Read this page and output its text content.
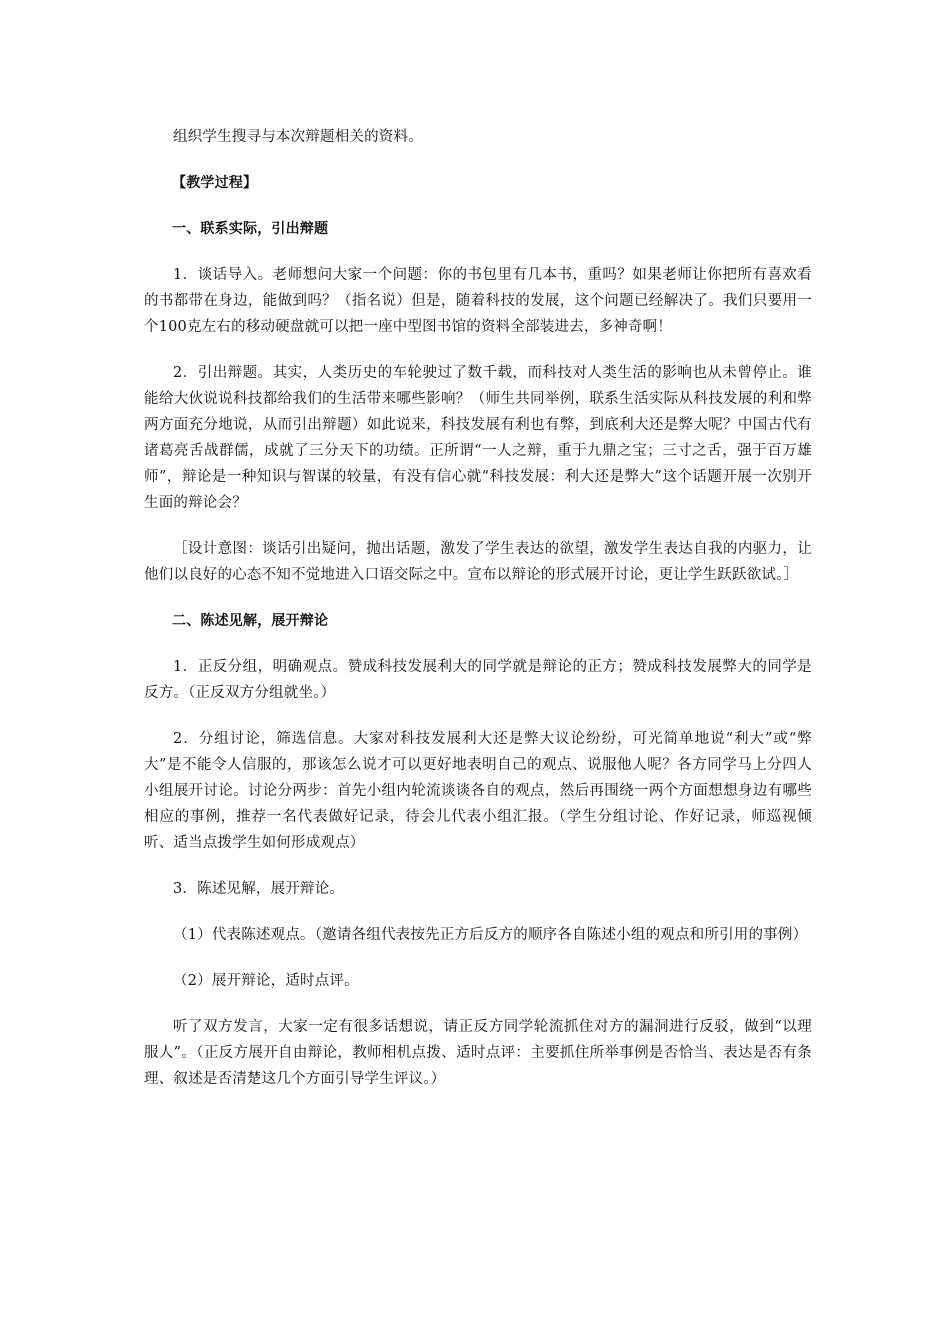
组织学生搜寻与本次辩题相关的资料。

【教学过程】

一、联系实际，引出辩题

1．谈话导入。老师想问大家一个问题：你的书包里有几本书，重吗？如果老师让你把所有喜欢看的书都带在身边，能做到吗？（指名说）但是，随着科技的发展，这个问题已经解决了。我们只要用一个100克左右的移动硬盘就可以把一座中型图书馆的资料全部装进去，多神奇啊！

2．引出辩题。其实，人类历史的车轮驶过了数千载，而科技对人类生活的影响也从未曾停止。谁能给大伙说说科技都给我们的生活带来哪些影响？（师生共同举例，联系生活实际从科技发展的利和弊两方面充分地说，从而引出辩题）如此说来，科技发展有利也有弊，到底利大还是弊大呢？中国古代有诸葛亮舌战群儒，成就了三分天下的功绩。正所谓“一人之辩，重于九鼎之宝；三寸之舌，强于百万雄师”，辩论是一种知识与智谋的较量，有没有信心就“科技发展：利大还是弊大”这个话题开展一次别开生面的辩论会？

［设计意图：谈话引出疑问，抛出话题，激发了学生表达的欲望，激发学生表达自我的内驱力，让他们以良好的心态不知不觉地进入口语交际之中。宣布以辩论的形式展开讨论，更让学生跃跃欲试。］

二、陈述见解，展开辩论

1．正反分组，明确观点。赞成科技发展利大的同学就是辩论的正方；赞成科技发展弊大的同学是反方。（正反双方分组就坐。）

2．分组讨论，筛选信息。大家对科技发展利大还是弊大议论纷纷，可光简单地说“利大”或“弊大”是不能令人信服的，那该怎么说才可以更好地表明自己的观点、说服他人呢？各方同学马上分四人小组展开讨论。讨论分两步：首先小组内轮流谈谈各自的观点，然后再围绕一两个方面想想身边有哪些相应的事例，推荐一名代表做好记录，待会儿代表小组汇报。（学生分组讨论、作好记录，师巡视倾听、适当点拨学生如何形成观点）

3．陈述见解，展开辩论。

（1）代表陈述观点。（邀请各组代表按先正方后反方的顺序各自陈述小组的观点和所引用的事例）

（2）展开辩论，适时点评。

听了双方发言，大家一定有很多话想说，请正反方同学轮流抓住对方的漏洞进行反驳，做到“以理服人”。（正反方展开自由辩论，教师相机点拨、适时点评：主要抓住所举事例是否恰当、表达是否有条理、叙述是否清楚这几个方面引导学生评议。）
